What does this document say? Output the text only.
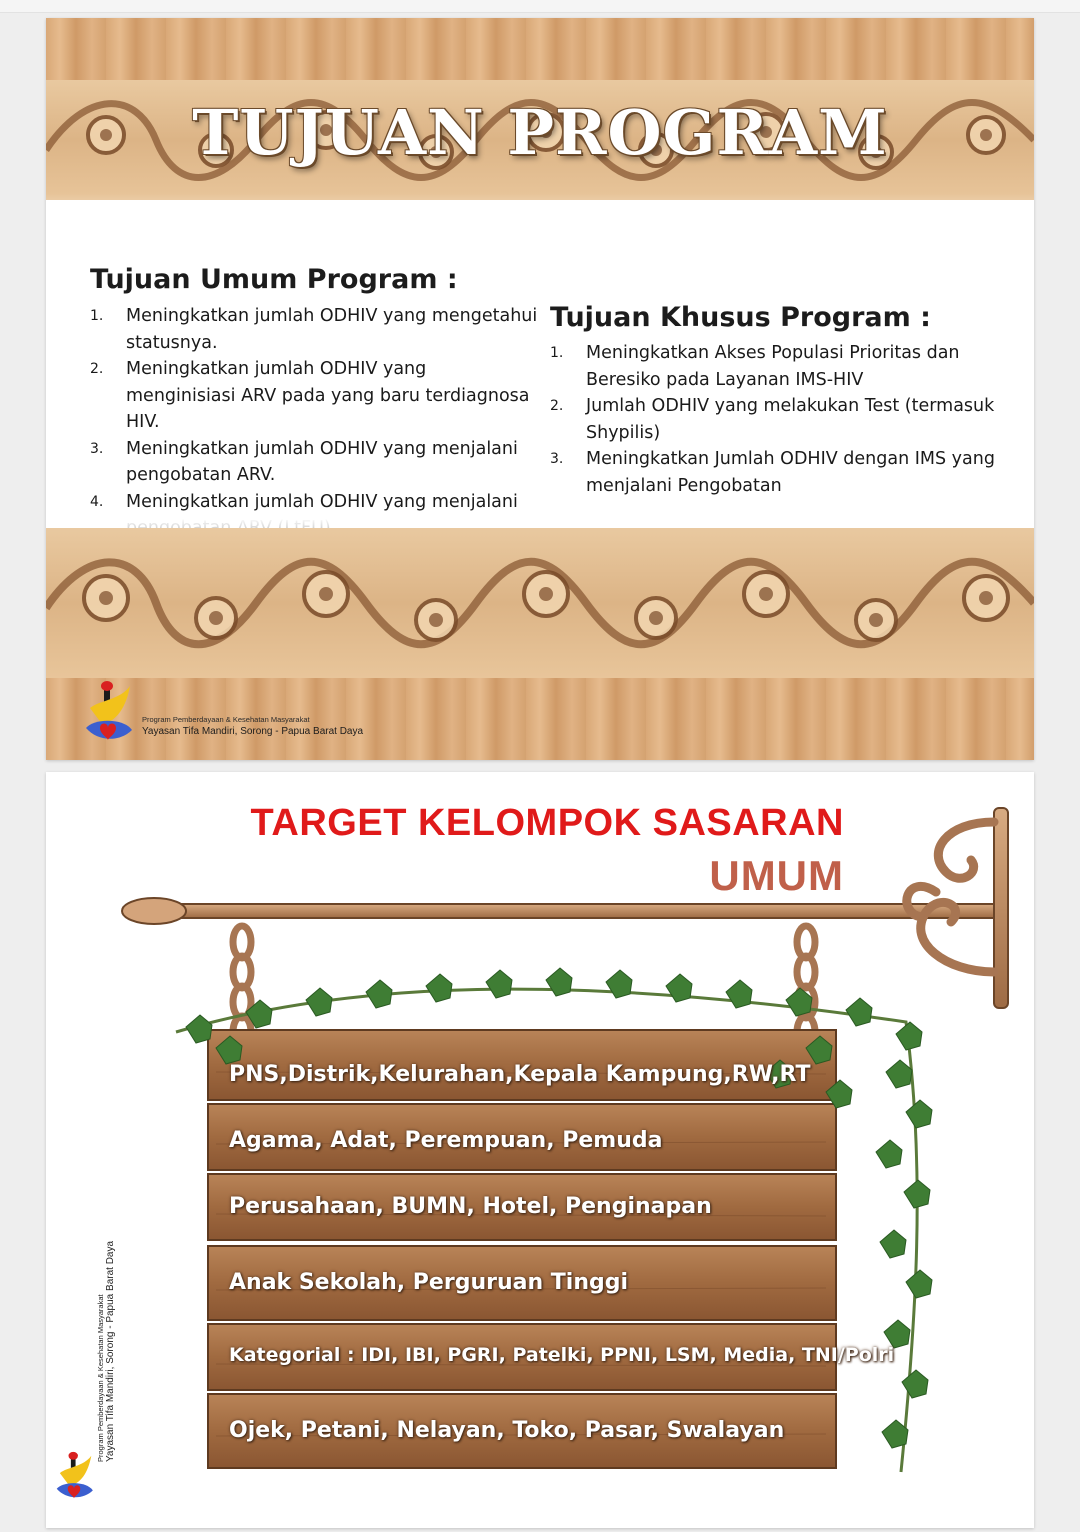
TUJUAN PROGRAM
Tujuan Umum Program :
1. Meningkatkan jumlah ODHIV yang mengetahui statusnya.
2. Meningkatkan jumlah ODHIV yang menginisiasi ARV pada yang baru terdiagnosa HIV.
3. Meningkatkan jumlah ODHIV yang menjalani pengobatan ARV.
4. Meningkatkan jumlah ODHIV yang menjalani
Tujuan Khusus Program :
1. Meningkatkan Akses Populasi Prioritas dan Beresiko pada Layanan IMS-HIV
2. Jumlah ODHIV yang melakukan Test (termasuk Shypilis)
3. Meningkatkan Jumlah ODHIV dengan IMS yang menjalani Pengobatan
Program Pemberdayaan & Kesehatan Masyarakat
Yayasan Tifa Mandiri, Sorong - Papua Barat Daya
TARGET KELOMPOK SASARAN
UMUM
PNS,Distrik,Kelurahan,Kepala Kampung,RW,RT
Agama, Adat, Perempuan, Pemuda
Perusahaan, BUMN, Hotel, Penginapan
Anak Sekolah, Perguruan Tinggi
Kategorial : IDI, IBI, PGRI, Patelki, PPNI, LSM, Media, TNI/Polri
Ojek, Petani, Nelayan, Toko, Pasar, Swalayan
Program Pemberdayaan & Kesehatan Masyarakat Yayasan Tifa Mandiri, Sorong - Papua Barat Daya
